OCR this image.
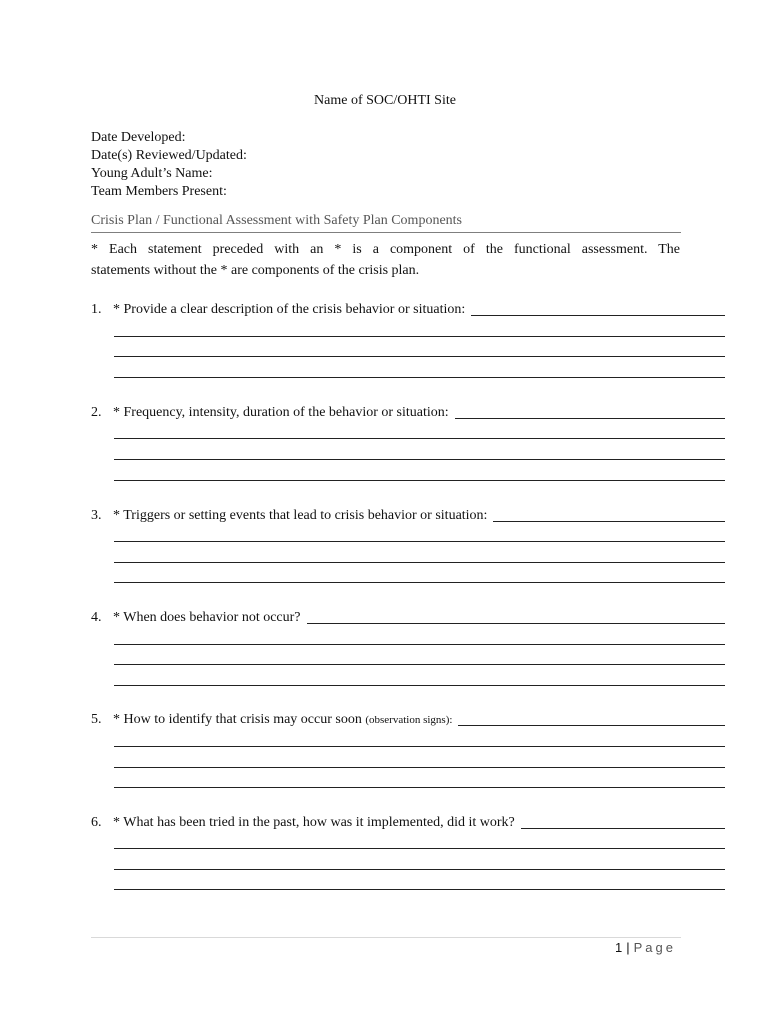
Name of SOC/OHTI Site
Date Developed:
Date(s) Reviewed/Updated:
Young Adult’s Name:
Team Members Present:
Crisis Plan / Functional Assessment with Safety Plan Components
* Each statement preceded with an * is a component of the functional assessment. The
statements without the * are components of the crisis plan.
1. * Provide a clear description of the crisis behavior or situation:
2. * Frequency, intensity, duration of the behavior or situation:
3. * Triggers or setting events that lead to crisis behavior or situation:
4. * When does behavior not occur?
5. * How to identify that crisis may occur soon (observation signs):
6. * What has been tried in the past, how was it implemented, did it work?
1 | Page
